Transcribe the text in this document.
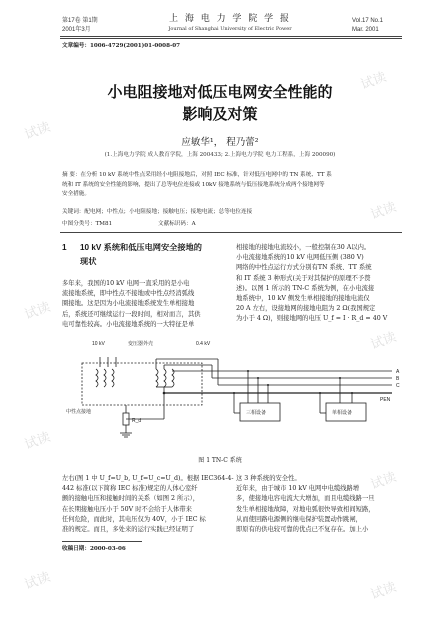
第17卷 第1期
2001年3月
上 海 电 力 学 院 学 报
Journal of Shanghai University of Electric Power
Vol.17 No.1
Mar. 2001
文章编号：1006-4729(2001)01-0008-07
小电阻接地对低压电网安全性能的
影响及对策
应敏华¹， 程乃蕾²
(1.上海电力学院 成人教育学院，上海 200433; 2.上海电力学院 电力工程系，上海 200090)
摘 要：在分析 10 kV 系统中性点采用经小电阻接地后，对照 IEC 标准，针对低压电网中的 TN 系统、TT 系
统和 IT 系统的安全性能的影响，提出了总等电位连接或 10kV 接地系统与低压接地系统分成两个接地网等
安全措施。
关键词：配电网；中性点；小电阻接地；接触电压；接地电流；总等电位连接
中图分类号：TM81	文献标识码：A
1 10 kV 系统和低压电网安全接地的
现状
多年来，我国的10 kV 电网一直采用的是小电
流接地系统，即中性点不接地或中性点经消弧线
圈接地。这是因为小电流接地系统发生单相接地
后，系统还可继续运行一段时间，相对而言，其供
电可靠性较高。小电流接地系统的一大特征是单
相接地的接地电流较小，一般控制在30 A以内。
小电流接地系统的10 kV 电网低压侧 (380 V)
网络的中性点运行方式分别有TN 系统、TT 系统
和 IT 系统 3 种形式(关于对其保护的原理不予赘
述)。以图 1 所示的 TN-C 系统为例，在小电流接
地系统中，10 kV 侧发生单相接地的接地电流仅
20 A 左右，设接地网的接地电阻为 2 Ω(我国规定
为小于 4 Ω)，则接地网的电压 U_f = I · R_d = 40 V
10 kV	变压器外壳	0.4 kV
A
B
C
PEN
中性点接地
R_d
三相设备	单相设备
图 1 TN-C 系统
左右(图 1 中 U_f=U_b, U_f=U_c=U_d)。根据 IEC364-4-
442 标准(以下简称 IEC 标准)规定的人体心室纤
颤的接触电压和接触时间的关系（如图 2 所示），
在长期接触电压小于 50V 时不会给于人体带来
任何危险，而此时，其电压仅为 40V，小于 IEC 标
准的规定。而且，多处来的运行实践已经证明了
这 3 种系统的安全性。
近年来，由于城市 10 kV 电网中电缆线路增
多，使接地电容电流大大增加，而且电缆线路一旦
发生单相接地故障，对地电弧很快导致相间短路，
从而使回路电源侧的继电保护装置动作跳闸，
即原有的供电较可靠的优点已不复存在。加上小
收稿日期：2000-03-06
试读
试读
试读
试读
试读
试读
试读
试读	试读
